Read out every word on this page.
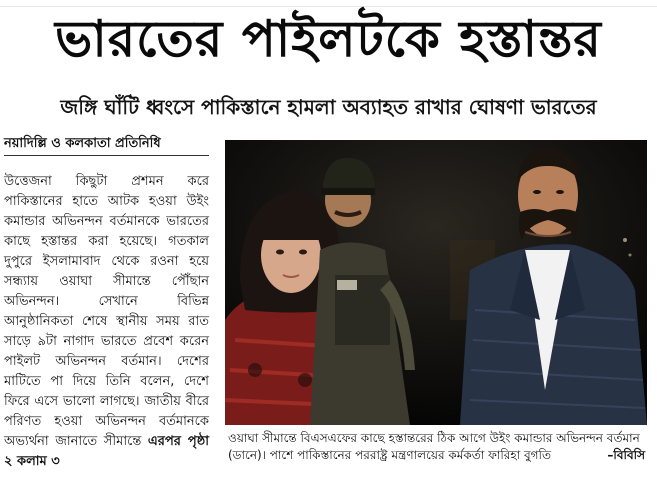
ভারতের পাইলটকে হস্তান্তর
জঙ্গি ঘাঁটি ধ্বংসে পাকিস্তানে হামলা অব্যাহত রাখার ঘোষণা ভারতের
নয়াদিল্লি ও কলকাতা প্রতিনিধি

উত্তেজনা কিছুটা প্রশমন করে পাকিস্তানের হাতে আটক হওয়া উইং কমান্ডার অভিনন্দন বর্তমানকে ভারতের কাছে হস্তান্তর করা হয়েছে। গতকাল দুপুরে ইসলামাবাদ থেকে রওনা হয়ে সন্ধ্যায় ওয়াঘা সীমান্তে পৌঁছান অভিনন্দন। সেখানে বিভিন্ন আনুষ্ঠানিকতা শেষে স্থানীয় সময় রাত সাড়ে ৯টা নাগাদ ভারতে প্রবেশ করেন পাইলট অভিনন্দন বর্তমান। দেশের মাটিতে পা দিয়ে তিনি বলেন, দেশে ফিরে এসে ভালো লাগছে। জাতীয় বীরে পরিণত হওয়া অভিনন্দন বর্তমানকে অভ্যর্থনা জানাতে সীমান্তে এরপর পৃষ্ঠা ২ কলাম ৩

ওয়াঘা সীমান্তে বিএসএফের কাছে হস্তান্তরের ঠিক আগে উইং কমান্ডার অভিনন্দন বর্তমান (ডানে)। পাশে পাকিস্তানের পররাষ্ট্র মন্ত্রণালয়ের কর্মকর্তা ফারিহা বুগতি	–বিবিসি
